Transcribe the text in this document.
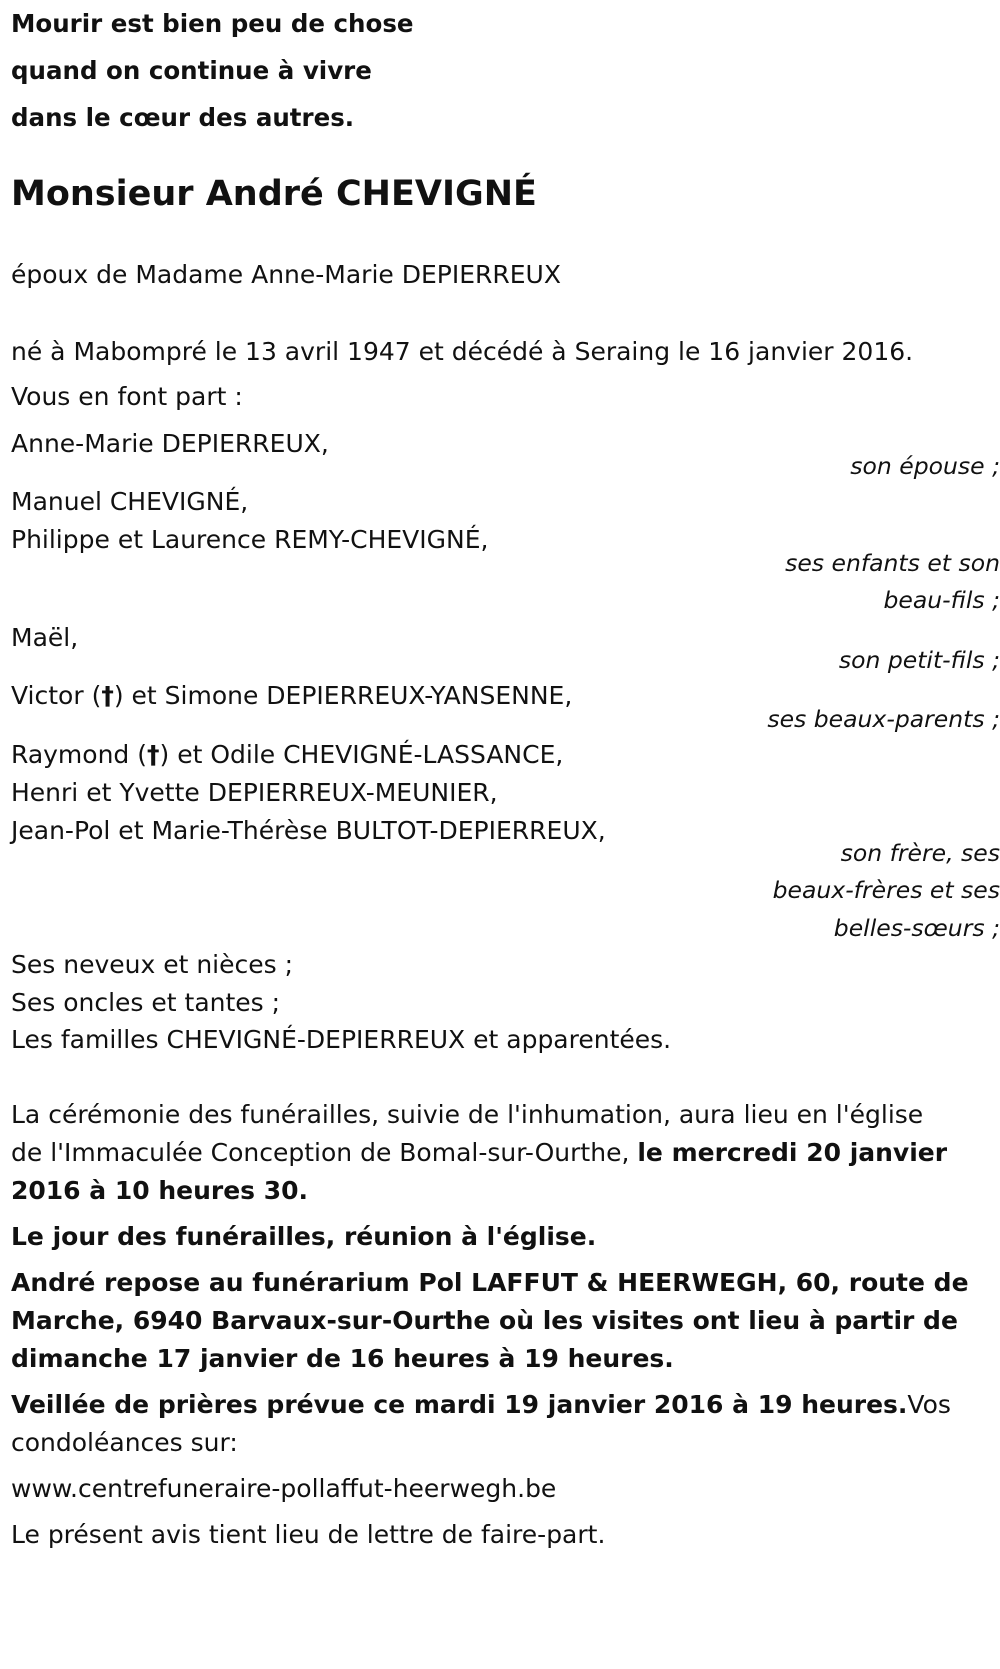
Mourir est bien peu de chose
quand on continue à vivre
dans le cœur des autres.
Monsieur André CHEVIGNÉ
époux de Madame Anne-Marie DEPIERREUX
né à Mabompré le 13 avril 1947 et décédé à Seraing le 16 janvier 2016.
Vous en font part :
Anne-Marie DEPIERREUX,
son épouse ;
Manuel CHEVIGNÉ,
Philippe et Laurence REMY-CHEVIGNÉ,
ses enfants et son
beau-fils ;
Maël,
son petit-fils ;
Victor (†) et Simone DEPIERREUX-YANSENNE,
ses beaux-parents ;
Raymond (†) et Odile CHEVIGNÉ-LASSANCE,
Henri et Yvette DEPIERREUX-MEUNIER,
Jean-Pol et Marie-Thérèse BULTOT-DEPIERREUX,
son frère, ses
beaux-frères et ses
belles-sœurs ;
Ses neveux et nièces ;
Ses oncles et tantes ;
Les familles CHEVIGNÉ-DEPIERREUX et apparentées.
La cérémonie des funérailles, suivie de l'inhumation, aura lieu en l'église
de l'Immaculée Conception de Bomal-sur-Ourthe, le mercredi 20 janvier
2016 à 10 heures 30.
Le jour des funérailles, réunion à l'église.
André repose au funérarium Pol LAFFUT & HEERWEGH, 60, route de
Marche, 6940 Barvaux-sur-Ourthe où les visites ont lieu à partir de
dimanche 17 janvier de 16 heures à 19 heures.
Veillée de prières prévue ce mardi 19 janvier 2016 à 19 heures.Vos
condoléances sur:
www.centrefuneraire-pollaffut-heerwegh.be
Le présent avis tient lieu de lettre de faire-part.
